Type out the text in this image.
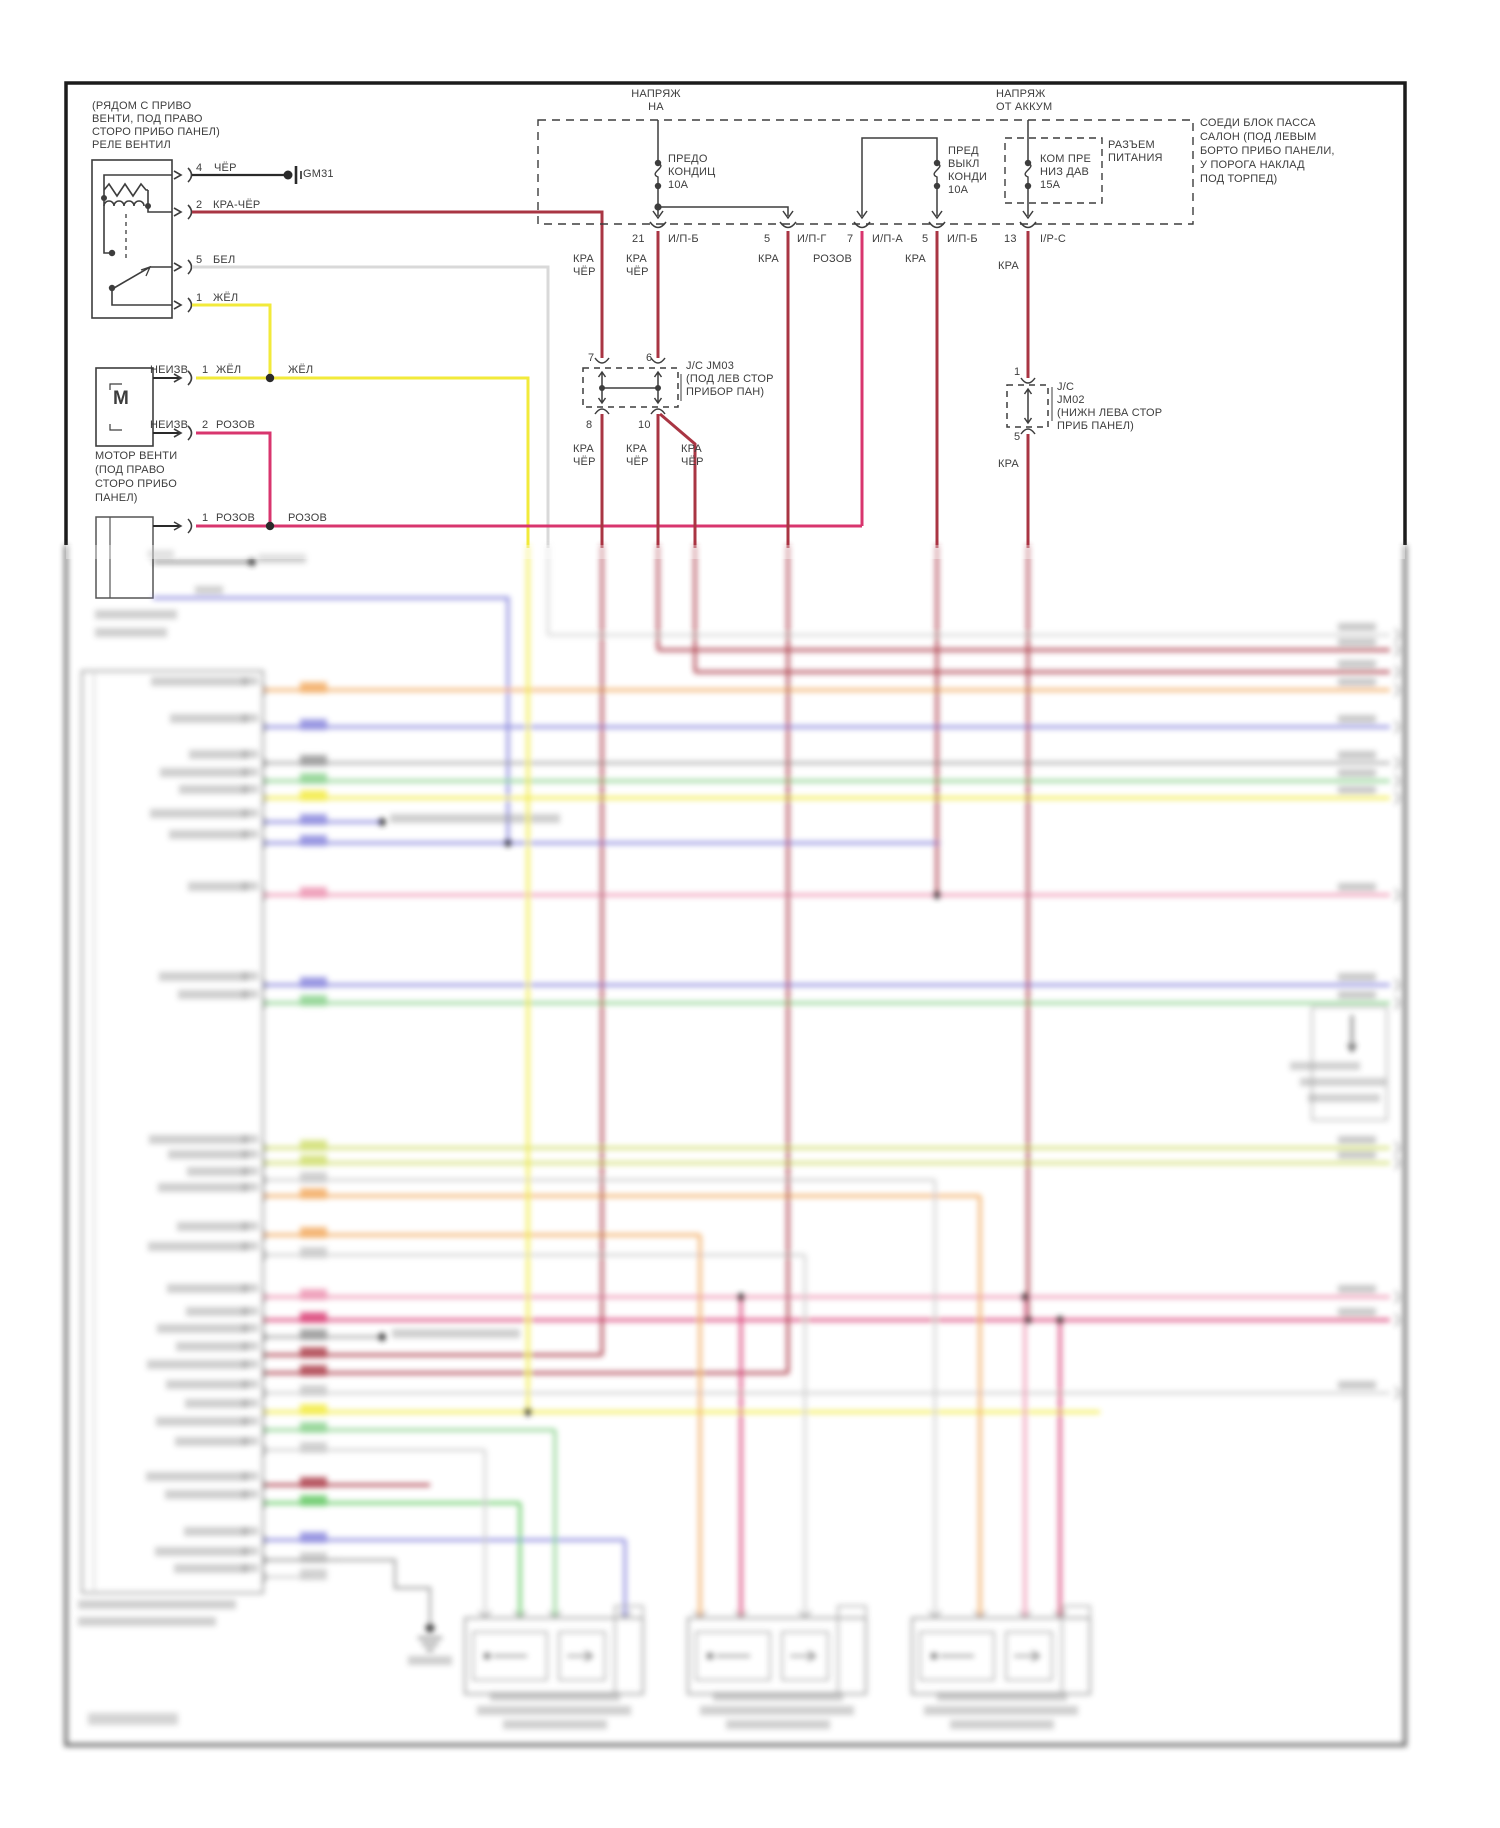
(РЯДОМ С ПРИВО
ВЕНТИ, ПОД ПРАВО
СТОРО ПРИБО ПАНЕЛ)
РЕЛЕ ВЕНТИЛ
4 ЧЁР	GM31
2 КРА-ЧЁР
5 БЕЛ
1 ЖЁЛ
М
НЕИЗВ 1 ЖЁЛ	ЖЁЛ
НЕИЗВ 2 РОЗОВ
МОТОР ВЕНТИ
(ПОД ПРАВО
СТОРО ПРИБО
ПАНЕЛ)
1 РОЗОВ	РОЗОВ
НАПРЯЖ
НА
НАПРЯЖ
ОТ АККУМ
ПРЕДО
КОНДИЦ
10А
ПРЕД
ВЫКЛ
КОНДИ
10А
КОМ ПРЕ
НИЗ ДАВ
15А
РАЗЪЕМ
ПИТАНИЯ
СОЕДИ БЛОК ПАССА
САЛОН (ПОД ЛЕВЫМ
БОРТО ПРИБО ПАНЕЛИ,
У ПОРОГА НАКЛАД
ПОД ТОРПЕД)
21 И/П-Б	5 И/П-Г 7 И/П-А 5 И/П-Б 13 I/P-C
КРА
ЧЁР
КРА
ЧЁР
КРА	РОЗОВ	КРА
КРА
7	6
8	10
J/C JM03
(ПОД ЛЕВ СТОР
ПРИБОР ПАН)
КРА
ЧЁР
КРА
ЧЁР
КРА
ЧЁР
1
5
J/C
JM02
(НИЖН ЛЕВА СТОР
ПРИБ ПАНЕЛ)
КРА
